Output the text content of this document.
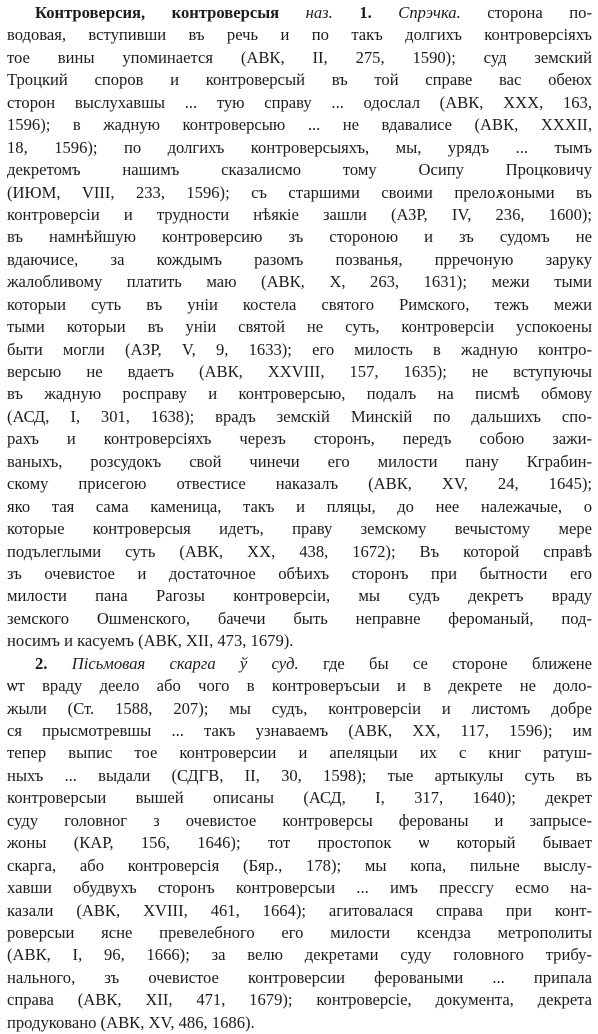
Контроверсия, контроверсыя наз. 1. Спрэчка. сторона по-
водовая, вступивши въ речь и по такъ долгихъ контроверсіяхъ
тое вины упоминается (АВК, II, 275, 1590); суд земский
Троцкий споров и контроверсый въ той справе вас обеюх
сторон выслухавшы ... тую справу ... одослал (АВК, XXX, 163,
1596); в жадную контроверсыю ... не вдавалисе (АВК, XXXII,
18, 1596); по долгихъ контроверсыяхъ, мы, урядъ ... тымъ
декретомъ нашимъ сказалисмо тому Осипу Процковичу
(ИЮМ, VIII, 233, 1596); съ старшими своими прелоѫоными въ
контроверсіи и трудности нѣякіе зашли (АЗР, IV, 236, 1600);
въ намнѣйшую контроверсию зъ стороною и зъ судомъ не
вдаючисе, за кождымъ разомъ позванья, прречоную заруку
жалобливому платить маю (АВК, X, 263, 1631); межи тыми
которыи суть въ уніи костела святого Римского, тежъ межи
тыми которыи въ уніи святой не суть, контроверсіи успокоены
быти могли (АЗР, V, 9, 1633); его милость в жадную контро-
версыю не вдаетъ (АВК, XXVIII, 157, 1635); не вступуючы
въ жадную росправу и контроверсыю, подалъ на писмѣ обмову
(АСД, I, 301, 1638); врадъ земскій Минскій по дальшихъ спо-
рахъ и контроверсіяхъ черезъ сторонъ, передъ собою зажи-
ваныхъ, розсудокъ свой чинечи его милости пану Кграбин-
скому присегою отвестисе наказалъ (АВК, XV, 24, 1645);
яко тая сама каменица, такъ и пляцы, до нее належачые, о
которые контроверсыя идетъ, праву земскому вечыстому мере
подълеглыми суть (АВК, XX, 438, 1672); Въ которой справѣ
зъ очевистое и достаточное обѣихъ сторонъ при бытности его
милости пана Рагозы контроверсіи, мы судъ декретъ враду
земского Ошменского, бачечи быть неправне фероманый, под-
носимъ и касуемъ (АВК, XII, 473, 1679).
2. Пісьмовая скарга ў суд. где бы се стороне ближене
ѡт враду деело або чого в контроверъсыи и в декрете не доло-
жыли (Ст. 1588, 207); мы судъ, контроверсіи и листомъ добре
ся прысмотревшы ... такъ узнаваемъ (АВК, XX, 117, 1596); им
тепер выпис тое контроверсии и апеляцыи их с книг ратуш-
ныхъ ... выдали (СДГВ, II, 30, 1598); тые артыкулы суть въ
контроверсыи вышей описаны (АСД, I, 317, 1640); декрет
суду головног з очевистое контроверсы ферованы и запрысе-
жоны (КАР, 156, 1646); тот простопок ѡ который бывает
скарга, або контроверсія (Бяр., 178); мы копа, пильне выслу-
хавши обудвухъ сторонъ контроверсыи ... имъ прессгу есмо на-
казали (АВК, XVIII, 461, 1664); агитовалася справа при конт-
роверсыи ясне превелебного его милости ксендза метрополиты
(АВК, I, 96, 1666); за велю декретами суду головного трибу-
нального, зъ очевистое контроверсии фероваными ... припала
справа (АВК, XII, 471, 1679); контроверсіе, документа, декрета
продуковано (АВК, XV, 486, 1686).
